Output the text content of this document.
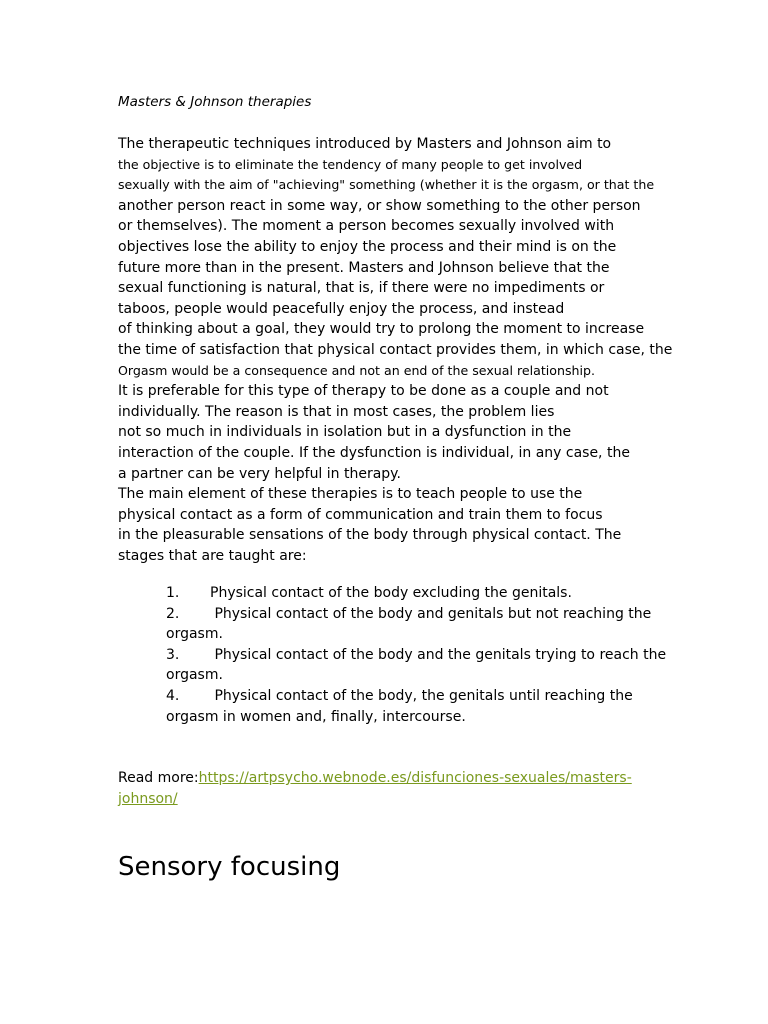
Masters & Johnson therapies
The therapeutic techniques introduced by Masters and Johnson aim to
the objective is to eliminate the tendency of many people to get involved
sexually with the aim of "achieving" something (whether it is the orgasm, or that the
another person react in some way, or show something to the other person
or themselves). The moment a person becomes sexually involved with
objectives lose the ability to enjoy the process and their mind is on the
future more than in the present. Masters and Johnson believe that the
sexual functioning is natural, that is, if there were no impediments or
taboos, people would peacefully enjoy the process, and instead
of thinking about a goal, they would try to prolong the moment to increase
the time of satisfaction that physical contact provides them, in which case, the
Orgasm would be a consequence and not an end of the sexual relationship.
It is preferable for this type of therapy to be done as a couple and not
individually. The reason is that in most cases, the problem lies
not so much in individuals in isolation but in a dysfunction in the
interaction of the couple. If the dysfunction is individual, in any case, the
a partner can be very helpful in therapy.
The main element of these therapies is to teach people to use the
physical contact as a form of communication and train them to focus
in the pleasurable sensations of the body through physical contact. The
stages that are taught are:
1. Physical contact of the body excluding the genitals.
2. Physical contact of the body and genitals but not reaching the
orgasm.
3. Physical contact of the body and the genitals trying to reach the
orgasm.
4. Physical contact of the body, the genitals until reaching the
orgasm in women and, finally, intercourse.
Read more:https://artpsycho.webnode.es/disfunciones-sexuales/masters-
johnson/
Sensory focusing
